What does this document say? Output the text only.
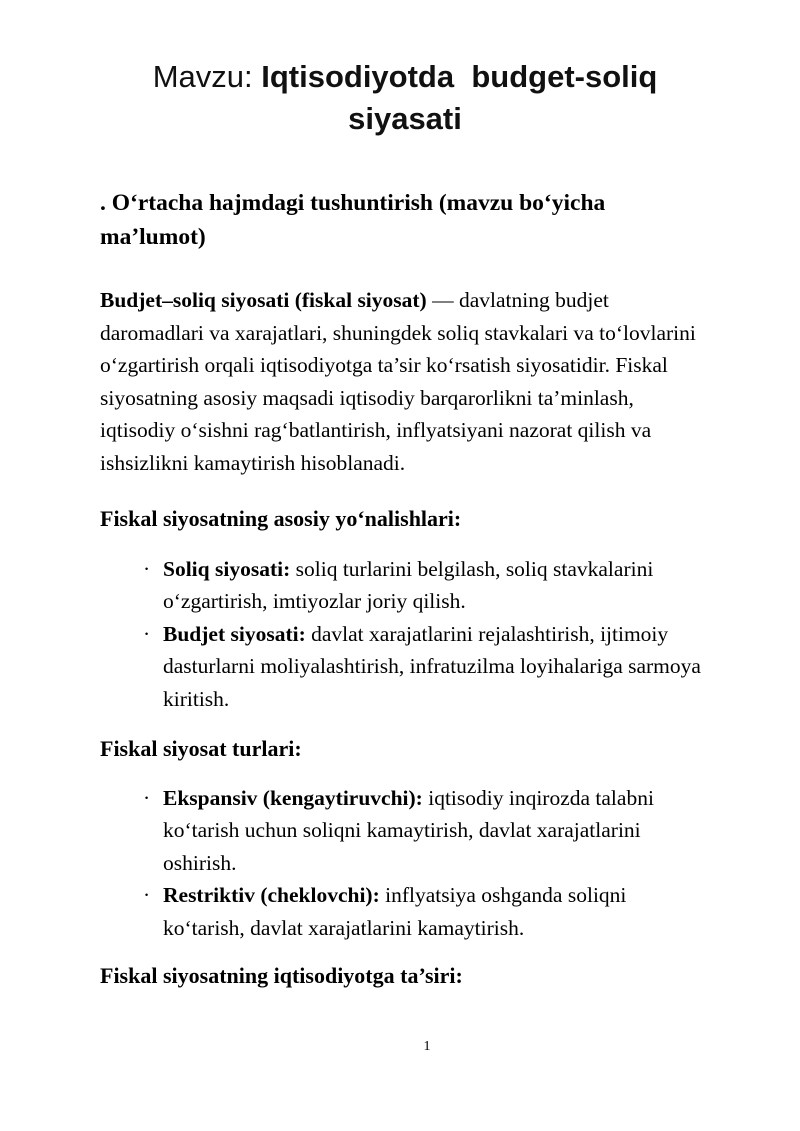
Mavzu: Iqtisodiyotda  budget-soliq
siyasati

. O‘rtacha hajmdagi tushuntirish (mavzu bo‘yicha ma’lumot)

Budjet–soliq siyosati (fiskal siyosat) — davlatning budjet daromadlari va xarajatlari, shuningdek soliq stavkalari va to‘lovlarini o‘zgartirish orqali iqtisodiyotga ta’sir ko‘rsatish siyosatidir. Fiskal siyosatning asosiy maqsadi iqtisodiy barqarorlikni ta’minlash, iqtisodiy o‘sishni rag‘batlantirish, inflyatsiyani nazorat qilish va ishsizlikni kamaytirish hisoblanadi.

Fiskal siyosatning asosiy yo‘nalishlari:

· Soliq siyosati: soliq turlarini belgilash, soliq stavkalarini o‘zgartirish, imtiyozlar joriy qilish.
· Budjet siyosati: davlat xarajatlarini rejalashtirish, ijtimoiy dasturlarni moliyalashtirish, infratuzilma loyihalariga sarmoya kiritish.

Fiskal siyosat turlari:

· Ekspansiv (kengaytiruvchi): iqtisodiy inqirozda talabni ko‘tarish uchun soliqni kamaytirish, davlat xarajatlarini oshirish.
· Restriktiv (cheklovchi): inflyatsiya oshganda soliqni ko‘tarish, davlat xarajatlarini kamaytirish.

Fiskal siyosatning iqtisodiyotga ta’siri:

1
